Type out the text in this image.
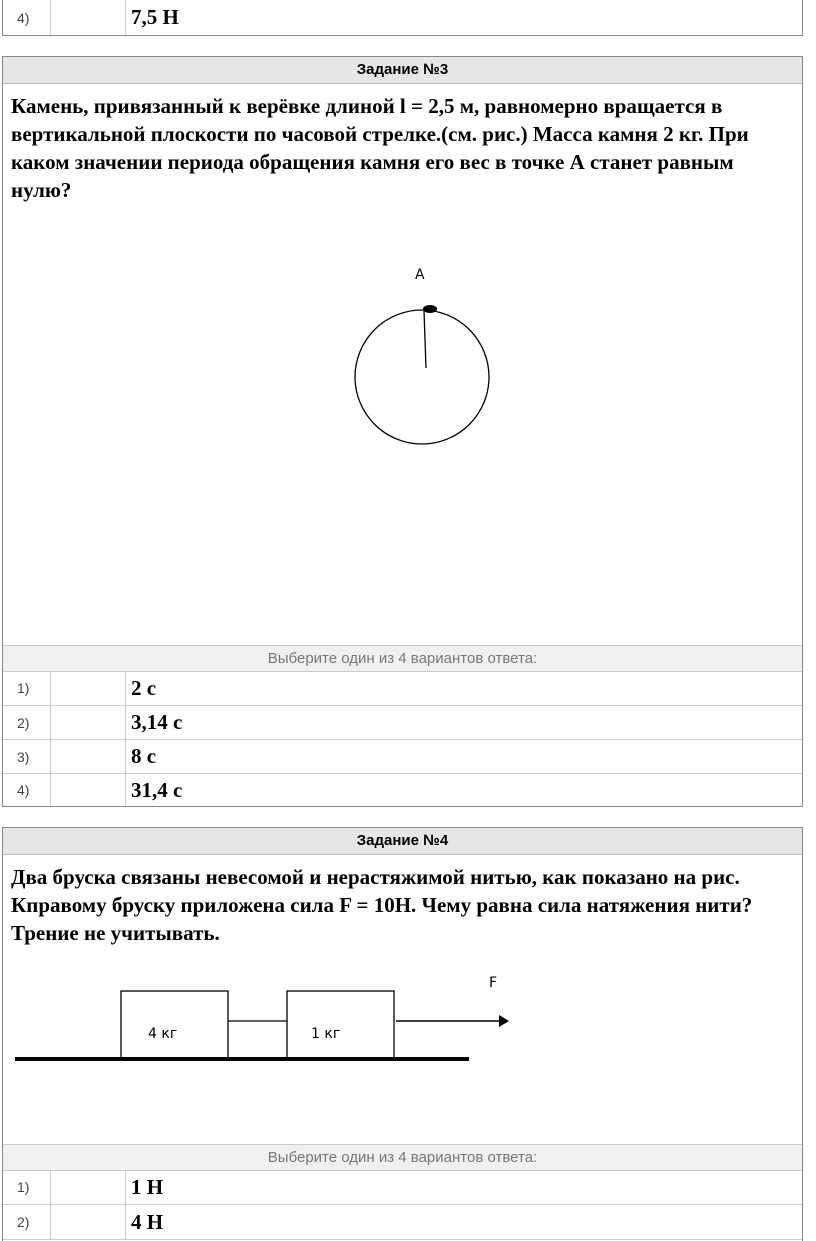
4)	7,5 Н
Задание №3
Камень, привязанный к верёвке длиной l = 2,5 м, равномерно вращается в вертикальной плоскости по часовой стрелке.(см. рис.) Масса камня 2 кг. При каком значении периода обращения камня его вес в точке А станет равным нулю?
А
Выберите один из 4 вариантов ответа:
1)	2 с
2)	3,14 с
3)	8 с
4)	31,4 с
Задание №4
Два бруска связаны невесомой и нерастяжимой нитью, как показано на рис. Кправому бруску приложена сила F = 10Н. Чему равна сила натяжения нити? Трение не учитывать.
F
4 кг	1 кг
Выберите один из 4 вариантов ответа:
1)	1 Н
2)	4 Н
